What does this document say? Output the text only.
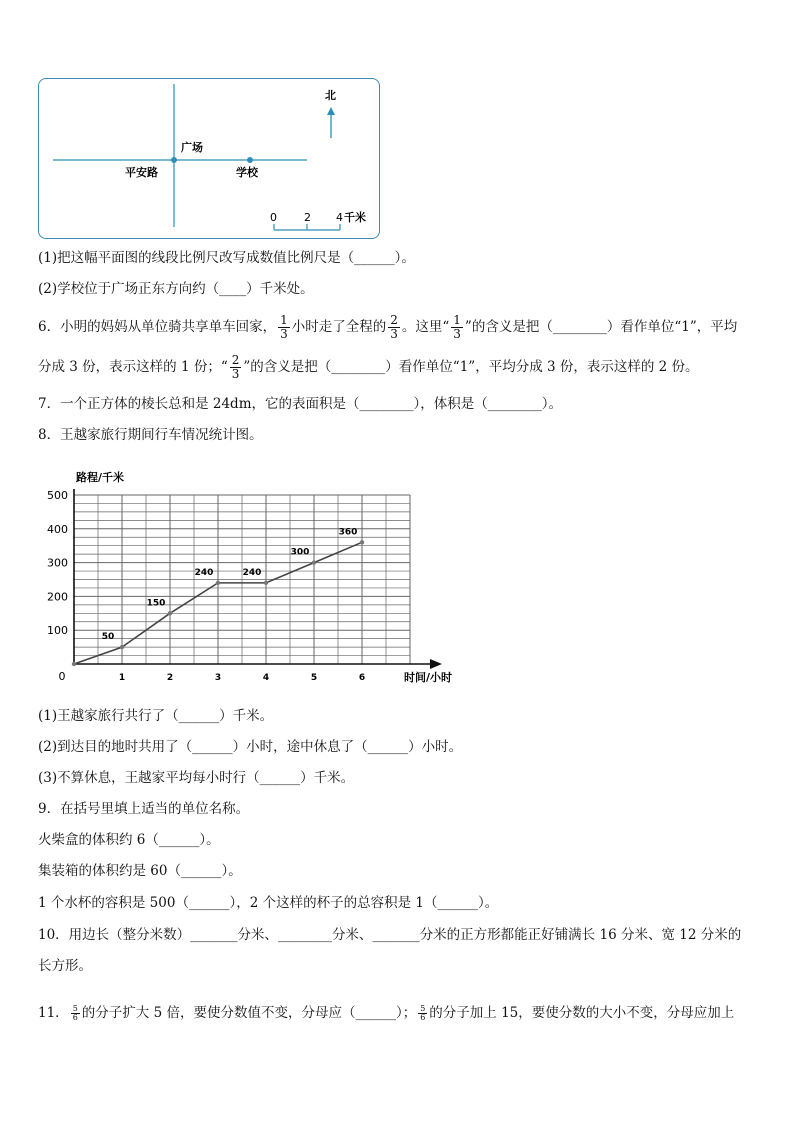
广场
平安路	学校
北
0 2 4 千米
(1)把这幅平面图的线段比例尺改写成数值比例尺是（______）。
(2)学校位于广场正东方向约（____）千米处。
6．小明的妈妈从单位骑共享单车回家， $\frac{1}{3}$ 小时走了全程的 $\frac{2}{3}$ 。这里“ $\frac{1}{3}$ ”的含义是把（________）看作单位“1”，平均
分成 3 份，表示这样的 1 份；“ $\frac{2}{3}$ ”的含义是把（________）看作单位“1”，平均分成 3 份，表示这样的 2 份。
7．一个正方体的棱长总和是 24dm，它的表面积是（________），体积是（________）。
8．王越家旅行期间行车情况统计图。
100
200
300
400
500
0	1	2	3	4	5	6
50
150
240	240
300
360
路程/千米
时间/小时
(1)王越家旅行共行了（______）千米。
(2)到达目的地时共用了（______）小时，途中休息了（______）小时。
(3)不算休息，王越家平均每小时行（______）千米。
9．在括号里填上适当的单位名称。
火柴盒的体积约 6（______）。
集装箱的体积约是 60（______）。
1 个水杯的容积是 500（______），2 个这样的杯子的总容积是 1（______）。
10．用边长（整分米数）_______分米、________分米、_______分米的正方形都能正好铺满长 16 分米、宽 12 分米的
长方形。
11． $\frac{5}{6}$ 的分子扩大 5 倍，要使分数值不变，分母应（______）； $\frac{5}{6}$ 的分子加上 15，要使分数的大小不变，分母应加上
